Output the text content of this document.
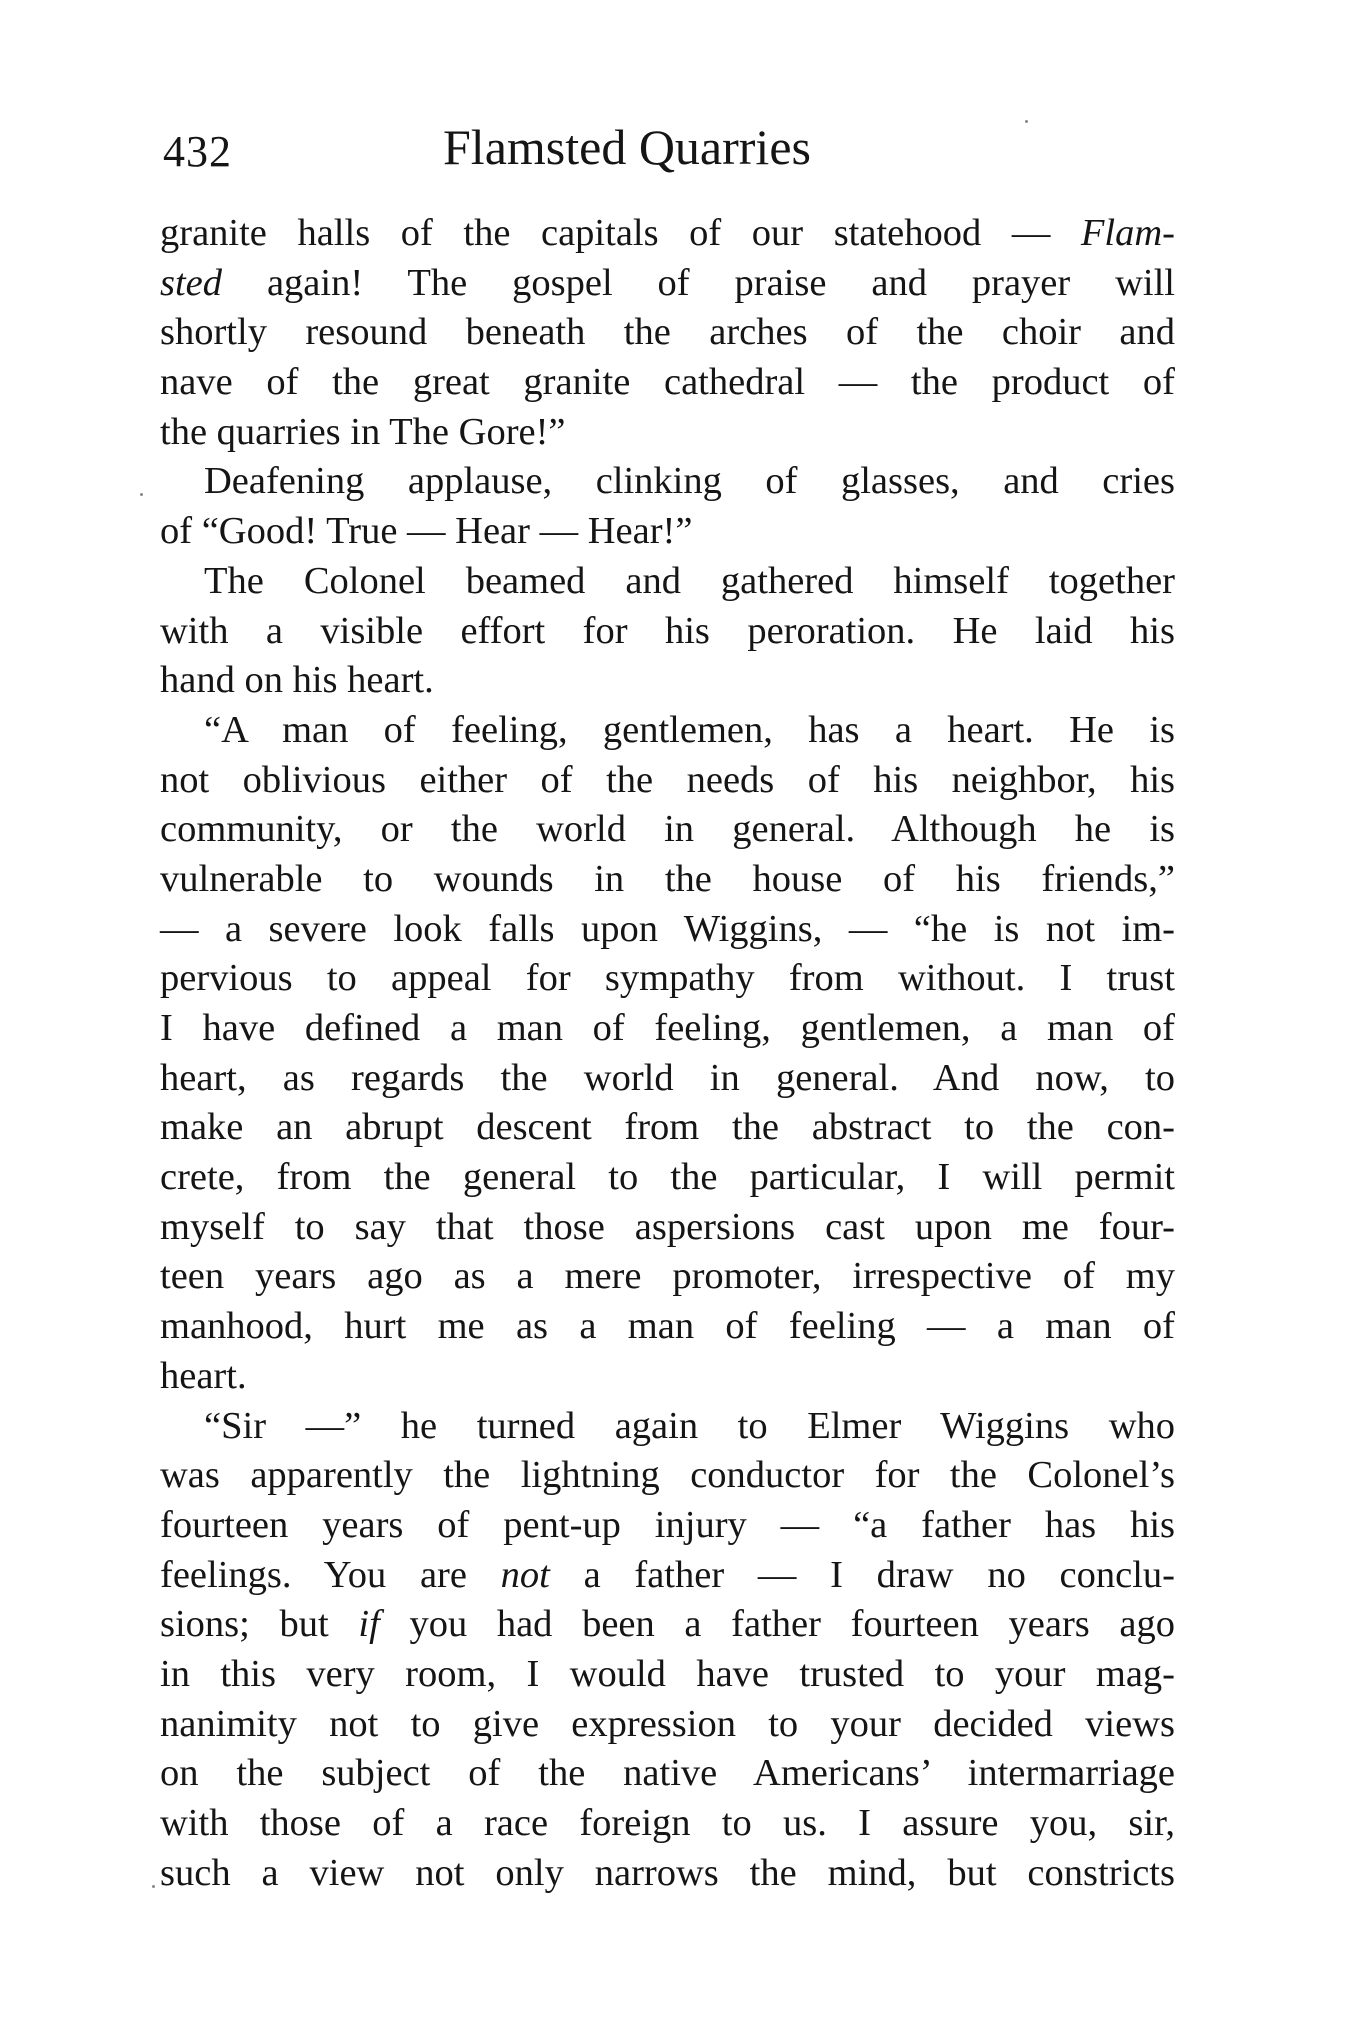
432	Flamsted Quarries
granite halls of the capitals of our statehood — Flam-
sted again! The gospel of praise and prayer will
shortly resound beneath the arches of the choir and
nave of the great granite cathedral — the product of
the quarries in The Gore!”
Deafening applause, clinking of glasses, and cries
of “Good! True — Hear — Hear!”
The Colonel beamed and gathered himself together
with a visible effort for his peroration. He laid his
hand on his heart.
“A man of feeling, gentlemen, has a heart. He is
not oblivious either of the needs of his neighbor, his
community, or the world in general. Although he is
vulnerable to wounds in the house of his friends,”
— a severe look falls upon Wiggins, — “he is not im-
pervious to appeal for sympathy from without. I trust
I have defined a man of feeling, gentlemen, a man of
heart, as regards the world in general. And now, to
make an abrupt descent from the abstract to the con-
crete, from the general to the particular, I will permit
myself to say that those aspersions cast upon me four-
teen years ago as a mere promoter, irrespective of my
manhood, hurt me as a man of feeling — a man of
heart.
“Sir —” he turned again to Elmer Wiggins who
was apparently the lightning conductor for the Colonel’s
fourteen years of pent-up injury — “a father has his
feelings. You are not a father — I draw no conclu-
sions; but if you had been a father fourteen years ago
in this very room, I would have trusted to your mag-
nanimity not to give expression to your decided views
on the subject of the native Americans’ intermarriage
with those of a race foreign to us. I assure you, sir,
such a view not only narrows the mind, but constricts
